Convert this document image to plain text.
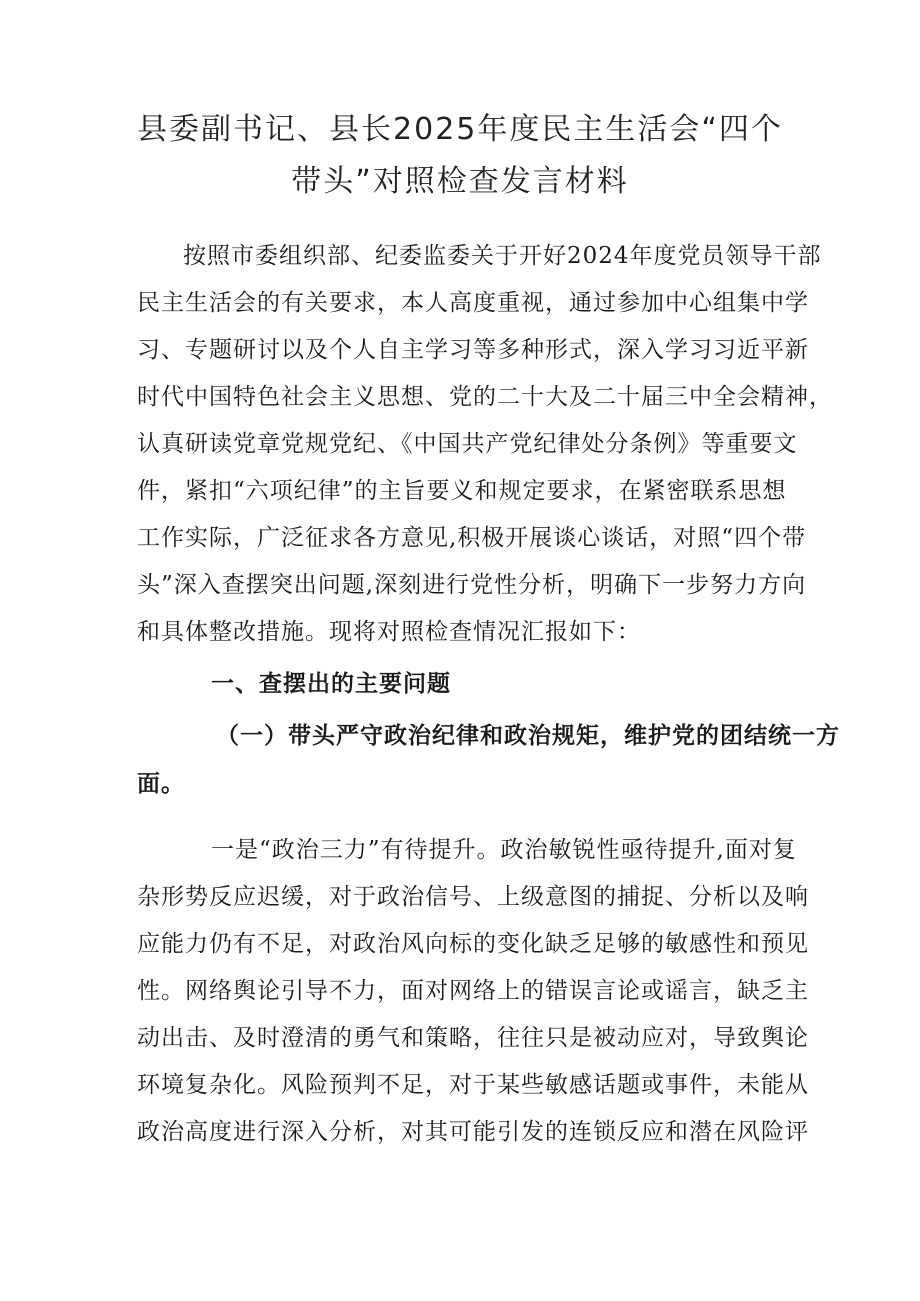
县委副书记、县长2025年度民主生活会“四个
带头”对照检查发言材料
按照市委组织部、纪委监委关于开好2024年度党员领导干部
民主生活会的有关要求，本人高度重视，通过参加中心组集中学
习、专题研讨以及个人自主学习等多种形式，深入学习习近平新
时代中国特色社会主义思想、党的二十大及二十届三中全会精神，
认真研读党章党规党纪、《中国共产党纪律处分条例》等重要文
件，紧扣“六项纪律”的主旨要义和规定要求，在紧密联系思想
工作实际，广泛征求各方意见,积极开展谈心谈话，对照“四个带
头”深入查摆突出问题,深刻进行党性分析，明确下一步努力方向
和具体整改措施。现将对照检查情况汇报如下：
一、查摆出的主要问题
（一）带头严守政治纪律和政治规矩，维护党的团结统一方
面。
一是“政治三力”有待提升。政治敏锐性亟待提升,面对复
杂形势反应迟缓，对于政治信号、上级意图的捕捉、分析以及响
应能力仍有不足，对政治风向标的变化缺乏足够的敏感性和预见
性。网络舆论引导不力，面对网络上的错误言论或谣言，缺乏主
动出击、及时澄清的勇气和策略，往往只是被动应对，导致舆论
环境复杂化。风险预判不足，对于某些敏感话题或事件，未能从
政治高度进行深入分析，对其可能引发的连锁反应和潜在风险评
